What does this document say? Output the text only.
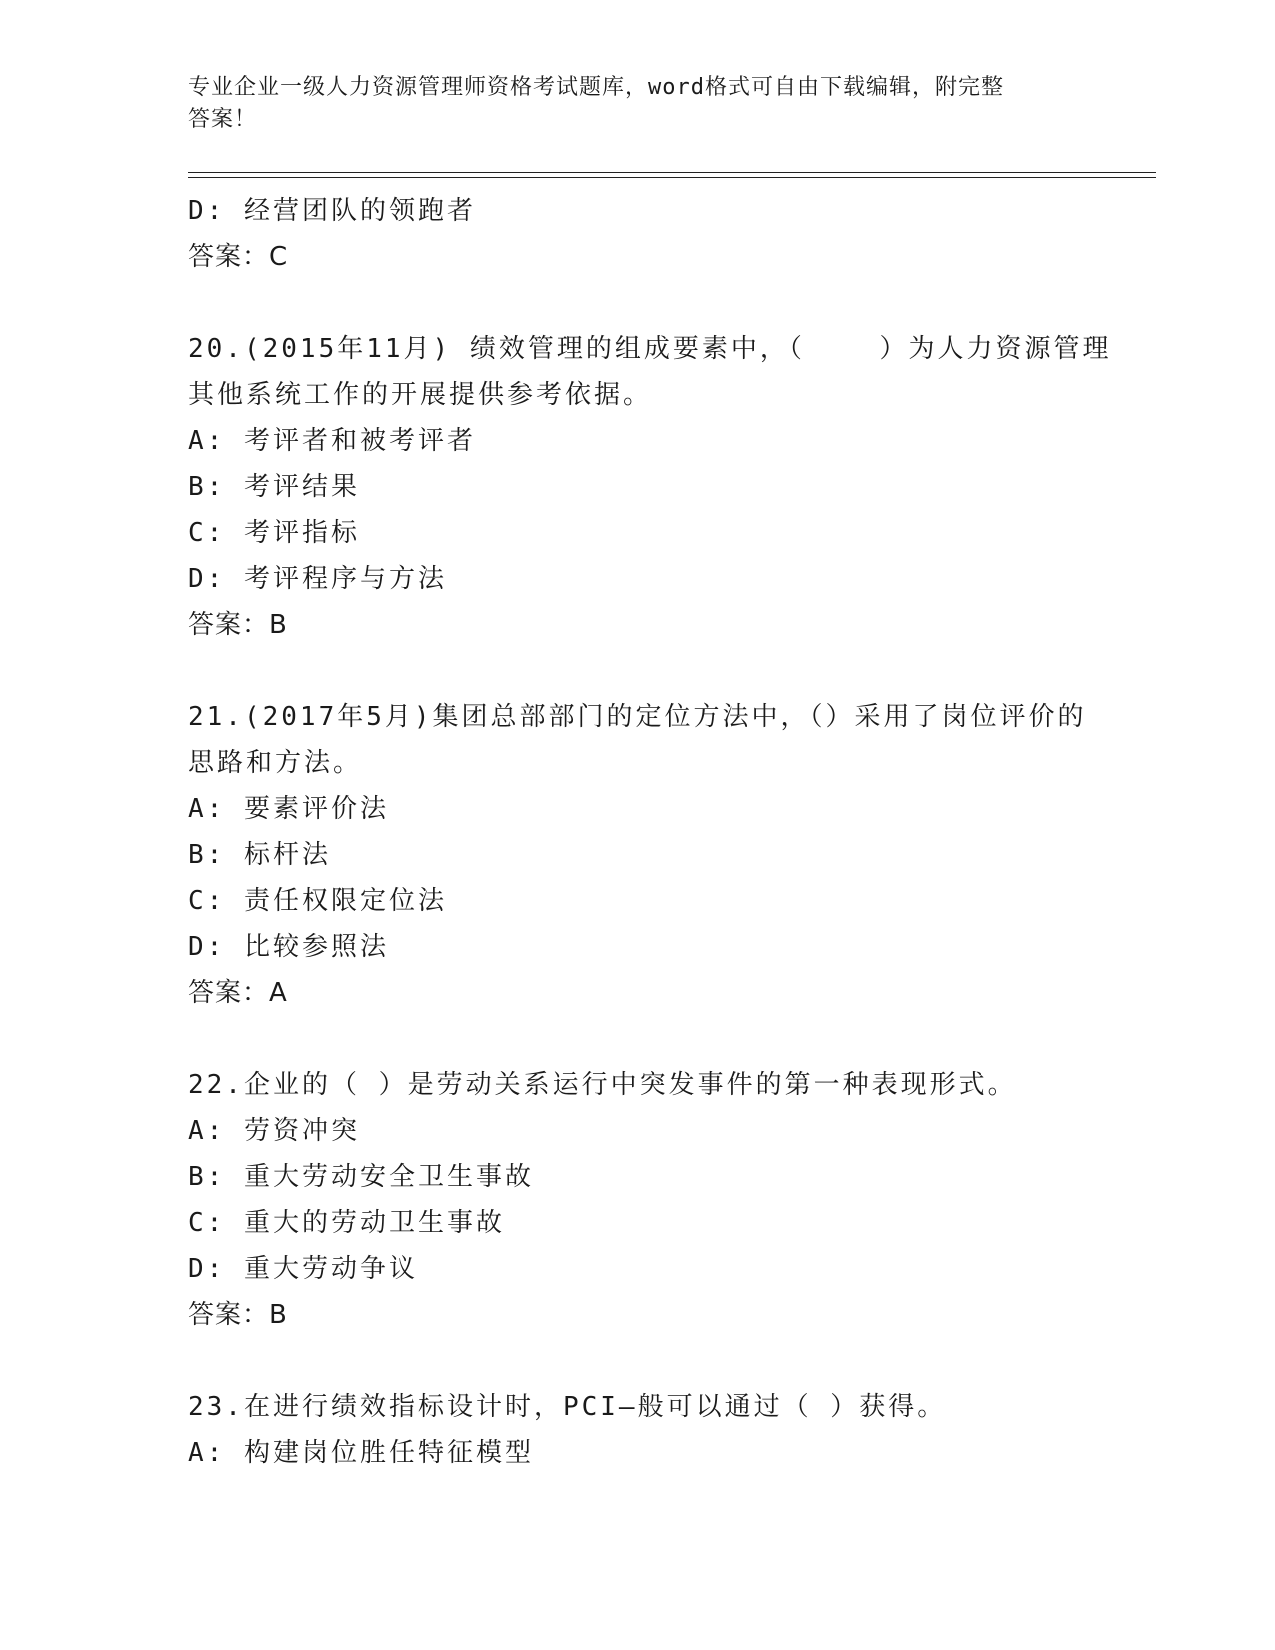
专业企业一级人力资源管理师资格考试题库，word格式可自由下载编辑，附完整
答案！
D: 经营团队的领跑者
答案：C
20.(2015年11月) 绩效管理的组成要素中，（    ）为人力资源管理
其他系统工作的开展提供参考依据。
A: 考评者和被考评者
B: 考评结果
C: 考评指标
D: 考评程序与方法
答案：B
21.(2017年5月)集团总部部门的定位方法中，（）采用了岗位评价的
思路和方法。
A: 要素评价法
B: 标杆法
C: 责任权限定位法
D: 比较参照法
答案：A
22.企业的（ ）是劳动关系运行中突发事件的第一种表现形式。
A: 劳资冲突
B: 重大劳动安全卫生事故
C: 重大的劳动卫生事故
D: 重大劳动争议
答案：B
23.在进行绩效指标设计时，PCI—般可以通过（ ）获得。
A: 构建岗位胜任特征模型
